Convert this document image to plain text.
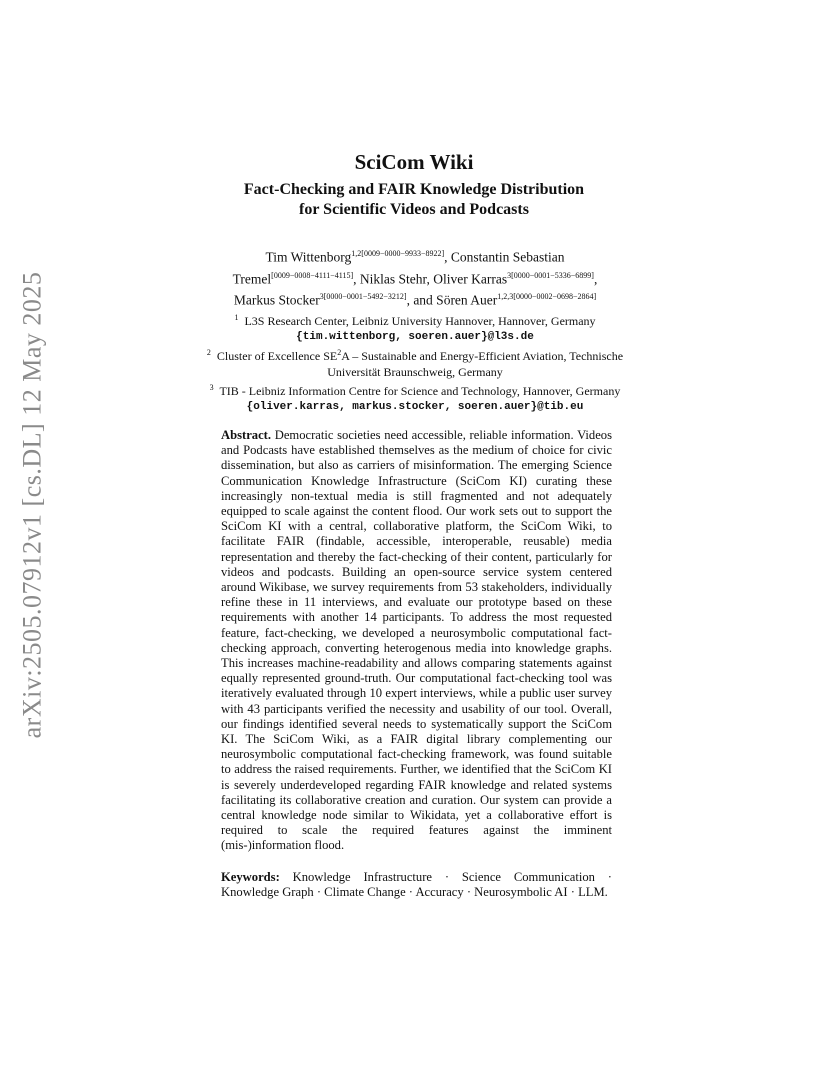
arXiv:2505.07912v1 [cs.DL] 12 May 2025
SciCom Wiki
Fact-Checking and FAIR Knowledge Distribution
for Scientific Videos and Podcasts
Tim Wittenborg$^{1,2[0009-0000-9933-8922]}$, Constantin Sebastian
Tremel[0009−0008−4111−4115], Niklas Stehr, Oliver Karras$^{3[0000-0001-5336-6899]}$,
Markus Stocker$^{3[0000-0001-5492-3212]}$, and Sören Auer$^{1,2,3[0000-0002-0698-2864]}$
$^1$ L3S Research Center, Leibniz University Hannover, Hannover, Germany
{tim.wittenborg, soeren.auer}@l3s.de
$^2$ Cluster of Excellence $SE^2A$ – Sustainable and Energy-Efficient Aviation, Technische
Universität Braunschweig, Germany
$^3$ TIB - Leibniz Information Centre for Science and Technology, Hannover, Germany
{oliver.karras, markus.stocker, soeren.auer}@tib.eu
Abstract. Democratic societies need accessible, reliable information. Videos and Podcasts have established themselves as the medium of choice for civic dissemination, but also as carriers of misinformation. The emerging Science Communication Knowledge Infrastructure (SciCom KI) curating these increasingly non-textual media is still fragmented and not adequately equipped to scale against the content flood. Our work sets out to support the SciCom KI with a central, collaborative platform, the SciCom Wiki, to facilitate FAIR (findable, accessible, interoperable, reusable) media representation and thereby the fact-checking of their content, particularly for videos and podcasts. Building an open-source service system centered around Wikibase, we survey requirements from 53 stakeholders, individually refine these in 11 interviews, and evaluate our prototype based on these requirements with another 14 participants. To address the most requested feature, fact-checking, we developed a neurosymbolic computational fact-checking approach, converting heterogenous media into knowledge graphs. This increases machine-readability and allows comparing statements against equally represented ground-truth. Our computational fact-checking tool was iteratively evaluated through 10 expert interviews, while a public user survey with 43 participants verified the necessity and usability of our tool. Overall, our findings identified several needs to systematically support the SciCom KI. The SciCom Wiki, as a FAIR digital library complementing our neurosymbolic computational fact-checking framework, was found suitable to address the raised requirements. Further, we identified that the SciCom KI is severely underdeveloped regarding FAIR knowledge and related systems facilitating its collaborative creation and curation. Our system can provide a central knowledge node similar to Wikidata, yet a collaborative effort is required to scale the required features against the imminent (mis-)information flood.
Keywords: Knowledge Infrastructure · Science Communication · Knowledge Graph · Climate Change · Accuracy · Neurosymbolic AI · LLM.
